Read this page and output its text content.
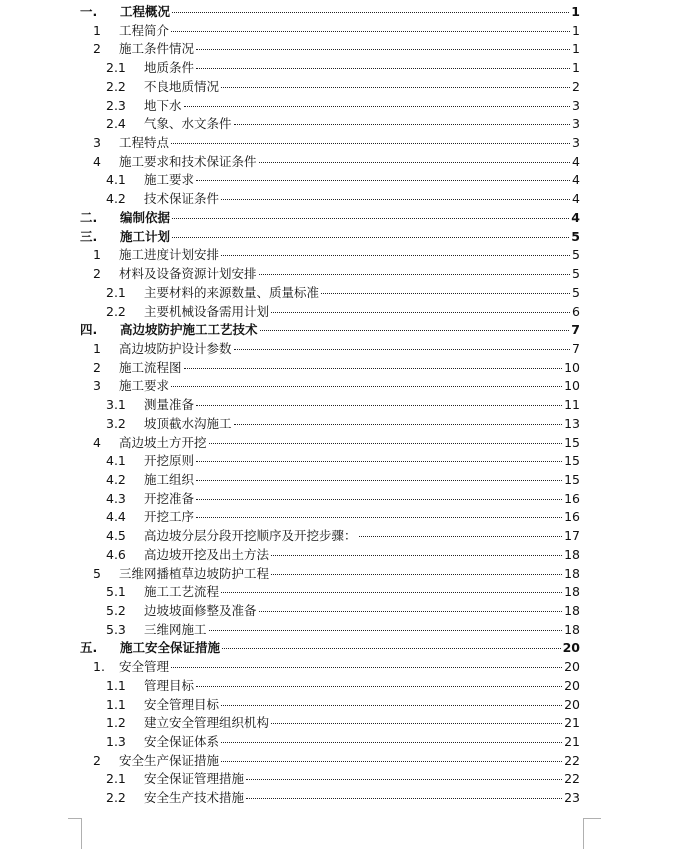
一. 工程概况	1
1 工程简介	1
2 施工条件情况	1
2.1 地质条件	1
2.2 不良地质情况	2
2.3 地下水	3
2.4 气象、水文条件	3
3 工程特点	3
4 施工要求和技术保证条件	4
4.1 施工要求	4
4.2 技术保证条件	4
二. 编制依据	4
三. 施工计划	5
1 施工进度计划安排	5
2 材料及设备资源计划安排	5
2.1 主要材料的来源数量、质量标准	5
2.2 主要机械设备需用计划	6
四. 高边坡防护施工工艺技术	7
1 高边坡防护设计参数	7
2 施工流程图	10
3 施工要求	10
3.1 测量准备	11
3.2 坡顶截水沟施工	13
4 高边坡土方开挖	15
4.1 开挖原则	15
4.2 施工组织	15
4.3 开挖准备	16
4.4 开挖工序	16
4.5 高边坡分层分段开挖顺序及开挖步骤：	17
4.6 高边坡开挖及出土方法	18
5 三维网播植草边坡防护工程	18
5.1 施工工艺流程	18
5.2 边坡坡面修整及准备	18
5.3 三维网施工	18
五. 施工安全保证措施	20
1. 安全管理	20
1.1 管理目标	20
1.1 安全管理目标	20
1.2 建立安全管理组织机构	21
1.3 安全保证体系	21
2 安全生产保证措施	22
2.1 安全保证管理措施	22
2.2 安全生产技术措施	23
